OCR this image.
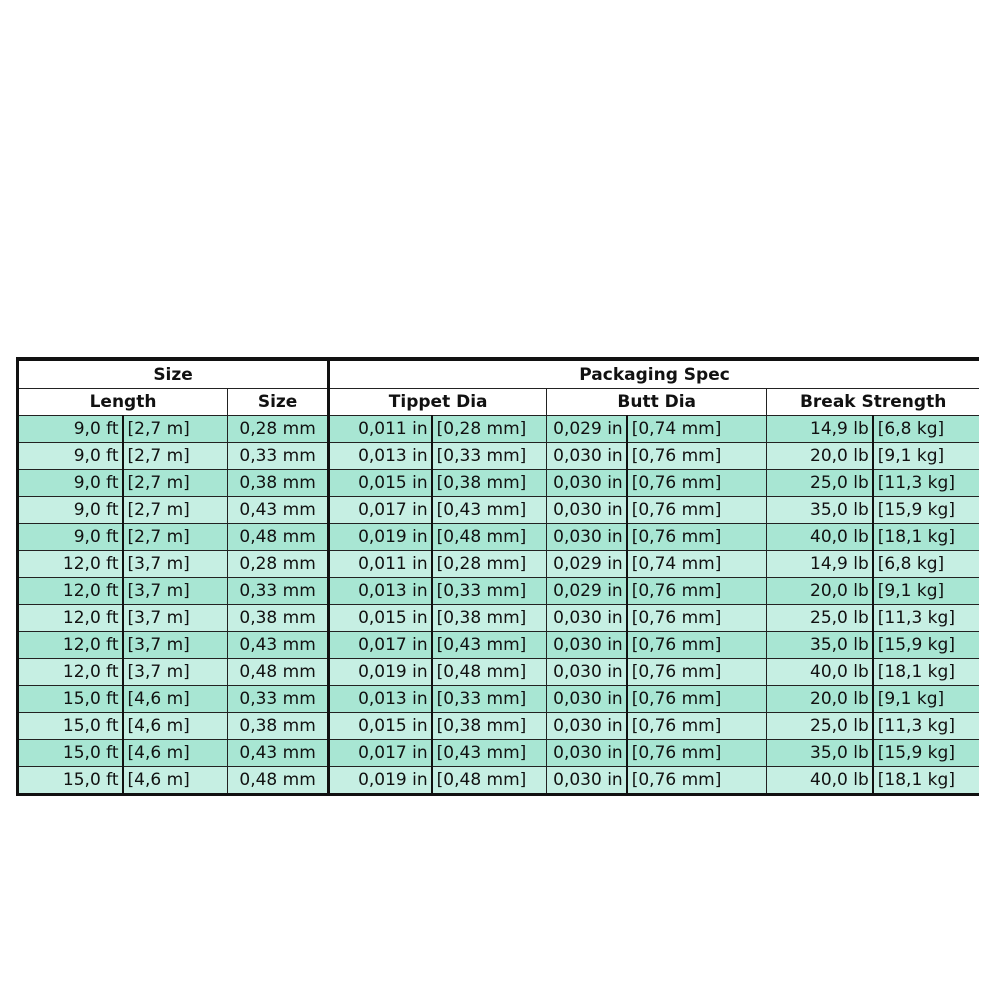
Size			Packaging Spec					
Length		Size	Tippet Dia		Butt Dia		Break Strength	
9,0 ft	[2,7 m]	0,28 mm	0,011 in	[0,28 mm]	0,029 in	[0,74 mm]	14,9 lb	[6,8 kg]
9,0 ft	[2,7 m]	0,33 mm	0,013 in	[0,33 mm]	0,030 in	[0,76 mm]	20,0 lb	[9,1 kg]
9,0 ft	[2,7 m]	0,38 mm	0,015 in	[0,38 mm]	0,030 in	[0,76 mm]	25,0 lb	[11,3 kg]
9,0 ft	[2,7 m]	0,43 mm	0,017 in	[0,43 mm]	0,030 in	[0,76 mm]	35,0 lb	[15,9 kg]
9,0 ft	[2,7 m]	0,48 mm	0,019 in	[0,48 mm]	0,030 in	[0,76 mm]	40,0 lb	[18,1 kg]
12,0 ft	[3,7 m]	0,28 mm	0,011 in	[0,28 mm]	0,029 in	[0,74 mm]	14,9 lb	[6,8 kg]
12,0 ft	[3,7 m]	0,33 mm	0,013 in	[0,33 mm]	0,029 in	[0,76 mm]	20,0 lb	[9,1 kg]
12,0 ft	[3,7 m]	0,38 mm	0,015 in	[0,38 mm]	0,030 in	[0,76 mm]	25,0 lb	[11,3 kg]
12,0 ft	[3,7 m]	0,43 mm	0,017 in	[0,43 mm]	0,030 in	[0,76 mm]	35,0 lb	[15,9 kg]
12,0 ft	[3,7 m]	0,48 mm	0,019 in	[0,48 mm]	0,030 in	[0,76 mm]	40,0 lb	[18,1 kg]
15,0 ft	[4,6 m]	0,33 mm	0,013 in	[0,33 mm]	0,030 in	[0,76 mm]	20,0 lb	[9,1 kg]
15,0 ft	[4,6 m]	0,38 mm	0,015 in	[0,38 mm]	0,030 in	[0,76 mm]	25,0 lb	[11,3 kg]
15,0 ft	[4,6 m]	0,43 mm	0,017 in	[0,43 mm]	0,030 in	[0,76 mm]	35,0 lb	[15,9 kg]
15,0 ft	[4,6 m]	0,48 mm	0,019 in	[0,48 mm]	0,030 in	[0,76 mm]	40,0 lb	[18,1 kg]
